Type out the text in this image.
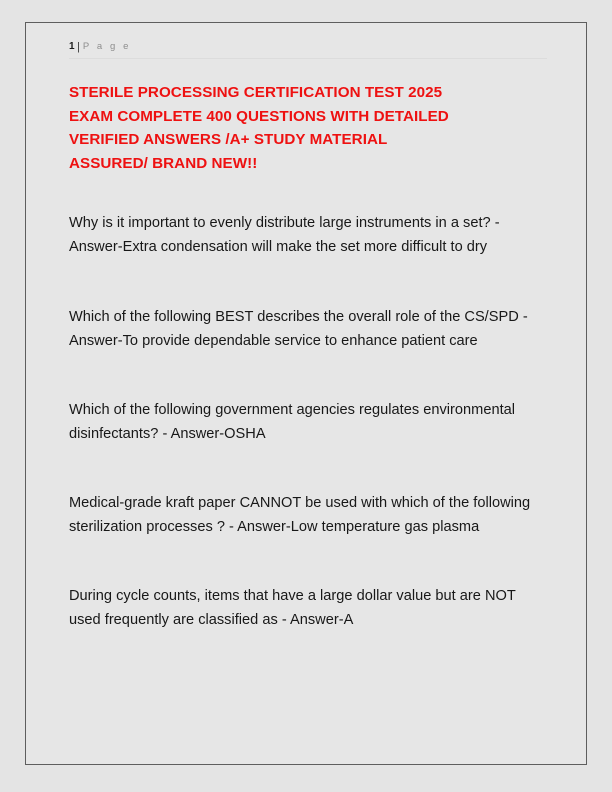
1 | P a g e
STERILE PROCESSING CERTIFICATION TEST 2025
EXAM COMPLETE 400 QUESTIONS WITH DETAILED
VERIFIED ANSWERS /A+ STUDY MATERIAL
ASSURED/ BRAND NEW!!

Why is it important to evenly distribute large instruments in a set? - Answer-Extra condensation will make the set more difficult to dry

Which of the following BEST describes the overall role of the CS/SPD - Answer-To provide dependable service to enhance patient care

Which of the following government agencies regulates environmental disinfectants? - Answer-OSHA

Medical-grade kraft paper CANNOT be used with which of the following sterilization processes ? - Answer-Low temperature gas plasma

During cycle counts, items that have a large dollar value but are NOT used frequently are classified as - Answer-A
